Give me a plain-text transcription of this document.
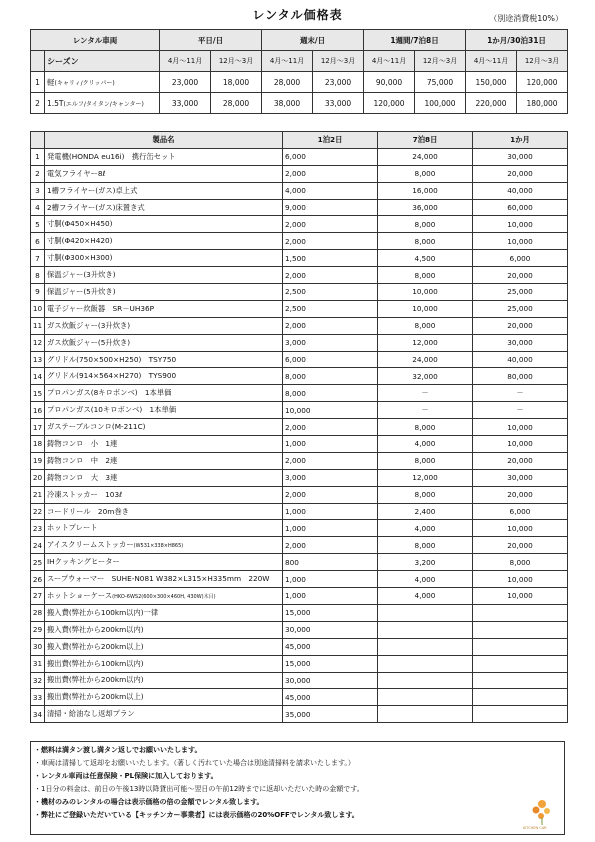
レンタル価格表	（別途消費税10%）
レンタル車両		平日/日		週末/日		1週間/7泊8日		1か月/30泊31日	
	シーズン	4月～11月	12月～3月	4月～11月	12月～3月	4月～11月	12月～3月	4月～11月	12月～3月
1	軽(キャリィ/クリッパー)	23,000	18,000	28,000	23,000	90,000	75,000	150,000	120,000
2	1.5T(エルフ/タイタン/キャンター)	33,000	28,000	38,000	33,000	120,000	100,000	220,000	180,000
	製品名	1泊2日	7泊8日	1か月
1	発電機(HONDA eu16i)　携行缶セット	6,000	24,000	30,000
2	電気フライヤー8ℓ	2,000	8,000	20,000
3	1槽フライヤー(ガス)卓上式	4,000	16,000	40,000
4	2槽フライヤー(ガス)床置き式	9,000	36,000	60,000
5	寸胴(Φ450×H450)	2,000	8,000	10,000
6	寸胴(Φ420×H420)	2,000	8,000	10,000
7	寸胴(Φ300×H300)	1,500	4,500	6,000
8	保温ジャー(3升炊き)	2,000	8,000	20,000
9	保温ジャー(5升炊き)	2,500	10,000	25,000
10	電子ジャー炊飯器　SR－UH36P	2,500	10,000	25,000
11	ガス炊飯ジャー(3升炊き)	2,000	8,000	20,000
12	ガス炊飯ジャー(5升炊き)	3,000	12,000	30,000
13	グリドル(750×500×H250)　TSY750	6,000	24,000	40,000
14	グリドル(914×564×H270)　TYS900	8,000	32,000	80,000
15	プロパンガス(8キロボンベ)　1本単価	8,000	－	－
16	プロパンガス(10キロボンベ)　1本単価	10,000	－	－
17	ガステーブルコンロ(M-211C)	2,000	8,000	10,000
18	鋳物コンロ　小　1連	1,000	4,000	10,000
19	鋳物コンロ　中　2連	2,000	8,000	20,000
20	鋳物コンロ　大　3連	3,000	12,000	30,000
21	冷凍ストッカー　103ℓ	2,000	8,000	20,000
22	コードリール　20m巻き	1,000	2,400	6,000
23	ホットプレート	1,000	4,000	10,000
24	アイスクリームストッカー(W531×338×H865)	2,000	8,000	20,000
25	IHクッキングヒーター	800	3,200	8,000
26	スープウォーマー　SUHE-N081 W382×L315×H335mm　220W	1,000	4,000	10,000
27	ホットショーケース(HKO-6WS2(600×300×460H, 430W)木目)	1,000	4,000	10,000
28	搬入費(弊社から100km以内)一律	15,000		
29	搬入費(弊社から200km以内)	30,000		
30	搬入費(弊社から200km以上)	45,000		
31	搬出費(弊社から100km以内)	15,000		
32	搬出費(弊社から200km以内)	30,000		
33	搬出費(弊社から200km以上)	45,000		
34	清掃・給油なし返却プラン	35,000		
・燃料は満タン渡し満タン返しでお願いいたします。
・車両は清掃して返却をお願いいたします。（著しく汚れていた場合は別途清掃料を請求いたします。）
・レンタル車両は任意保険・PL保険に加入しております。
・1日分の料金は、前日の午後13時以降貸出可能～翌日の午前12時までに返却いただいた時の金額です。
・機材のみのレンタルの場合は表示価格の倍の金額でレンタル致します。
・弊社にご登録いただいている【キッチンカー事業者】には表示価格の20%OFFでレンタル致します。
KITCHEN CAR
